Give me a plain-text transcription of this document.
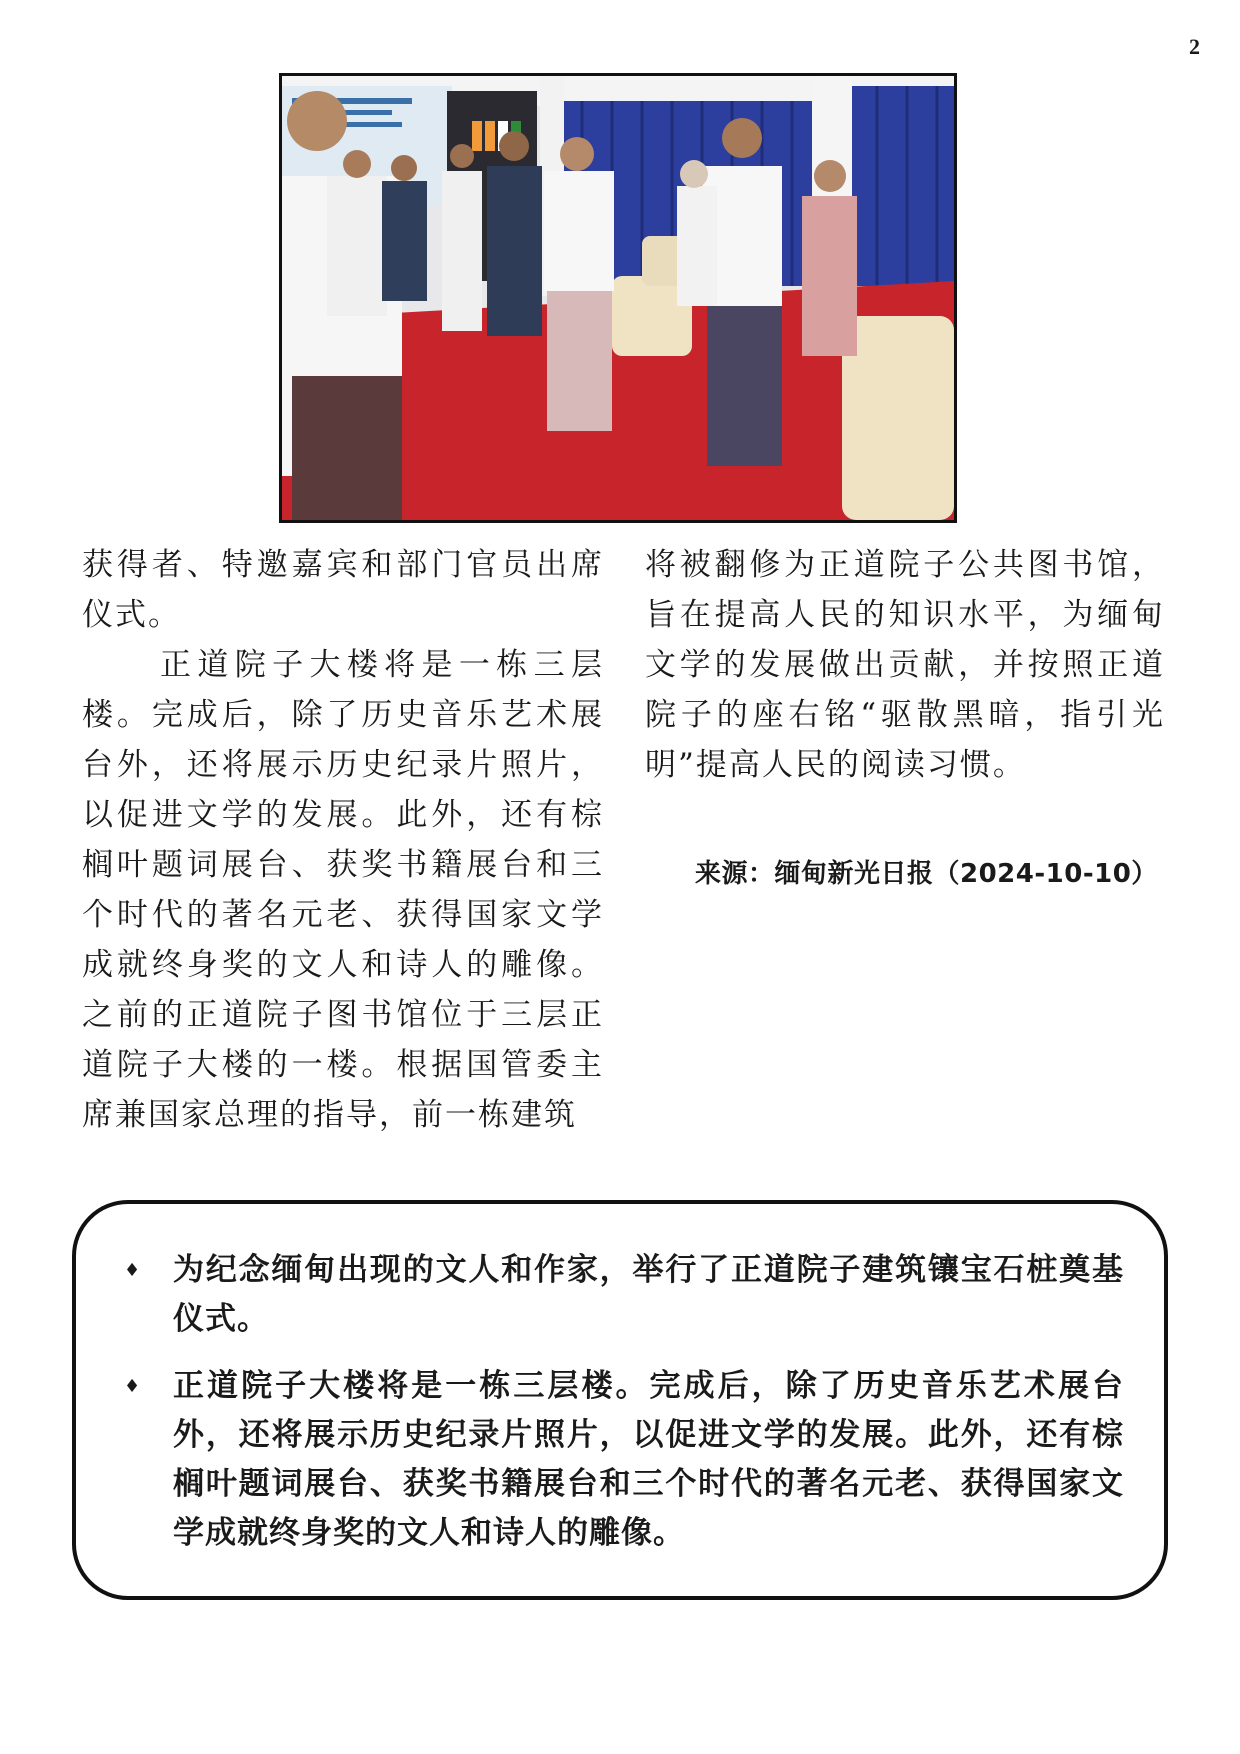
2

获得者、特邀嘉宾和部门官员出席仪式。

正道院子大楼将是一栋三层楼。完成后，除了历史音乐艺术展台外，还将展示历史纪录片照片，以促进文学的发展。此外，还有棕榈叶题词展台、获奖书籍展台和三个时代的著名元老、获得国家文学成就终身奖的文人和诗人的雕像。之前的正道院子图书馆位于三层正道院子大楼的一楼。根据国管委主席兼国家总理的指导，前一栋建筑

将被翻修为正道院子公共图书馆，旨在提高人民的知识水平，为缅甸文学的发展做出贡献，并按照正道院子的座右铭“驱散黑暗，指引光明”提高人民的阅读习惯。

来源：缅甸新光日报（2024-10-10）
♦ 为纪念缅甸出现的文人和作家，举行了正道院子建筑镶宝石桩奠基仪式。
♦ 正道院子大楼将是一栋三层楼。完成后，除了历史音乐艺术展台外，还将展示历史纪录片照片，以促进文学的发展。此外，还有棕榈叶题词展台、获奖书籍展台和三个时代的著名元老、获得国家文学成就终身奖的文人和诗人的雕像。
